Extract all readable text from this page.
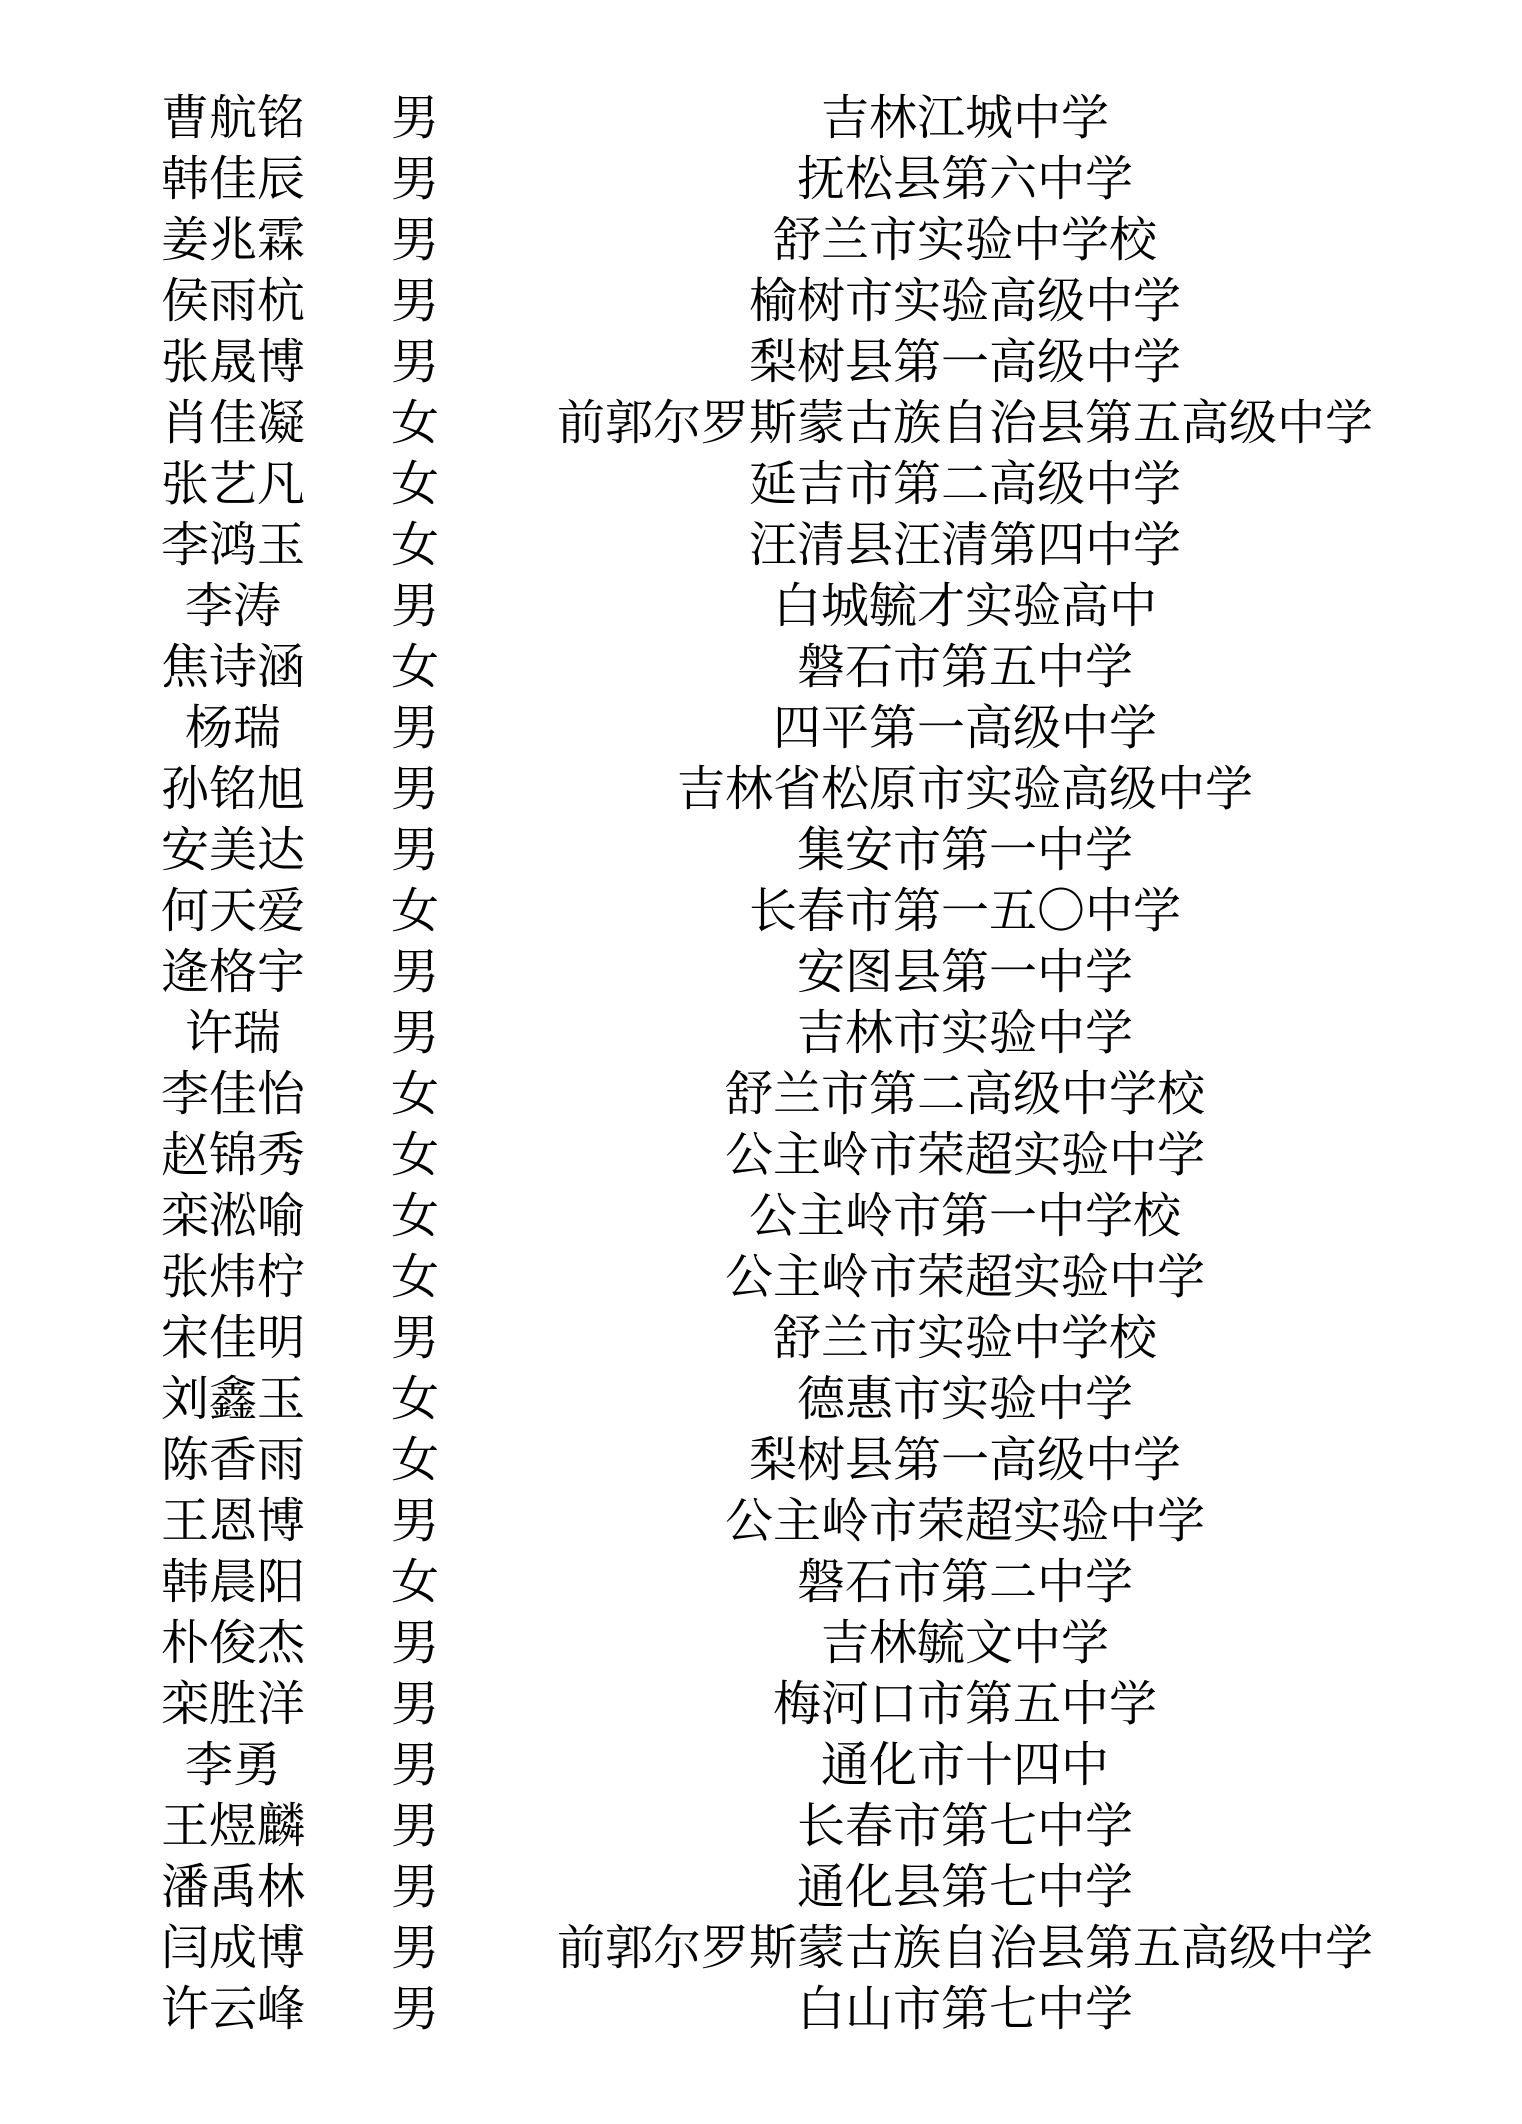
曹航铭	男	吉林江城中学
韩佳辰	男	抚松县第六中学
姜兆霖	男	舒兰市实验中学校
侯雨杭	男	榆树市实验高级中学
张晟博	男	梨树县第一高级中学
肖佳凝	女	前郭尔罗斯蒙古族自治县第五高级中学
张艺凡	女	延吉市第二高级中学
李鸿玉	女	汪清县汪清第四中学
李涛	男	白城毓才实验高中
焦诗涵	女	磐石市第五中学
杨瑞	男	四平第一高级中学
孙铭旭	男	吉林省松原市实验高级中学
安美达	男	集安市第一中学
何天爱	女	长春市第一五〇中学
逄格宇	男	安图县第一中学
许瑞	男	吉林市实验中学
李佳怡	女	舒兰市第二高级中学校
赵锦秀	女	公主岭市荣超实验中学
栾淞喻	女	公主岭市第一中学校
张炜柠	女	公主岭市荣超实验中学
宋佳明	男	舒兰市实验中学校
刘鑫玉	女	德惠市实验中学
陈香雨	女	梨树县第一高级中学
王恩博	男	公主岭市荣超实验中学
韩晨阳	女	磐石市第二中学
朴俊杰	男	吉林毓文中学
栾胜洋	男	梅河口市第五中学
李勇	男	通化市十四中
王煜麟	男	长春市第七中学
潘禹林	男	通化县第七中学
闫成博	男	前郭尔罗斯蒙古族自治县第五高级中学
许云峰	男	白山市第七中学
